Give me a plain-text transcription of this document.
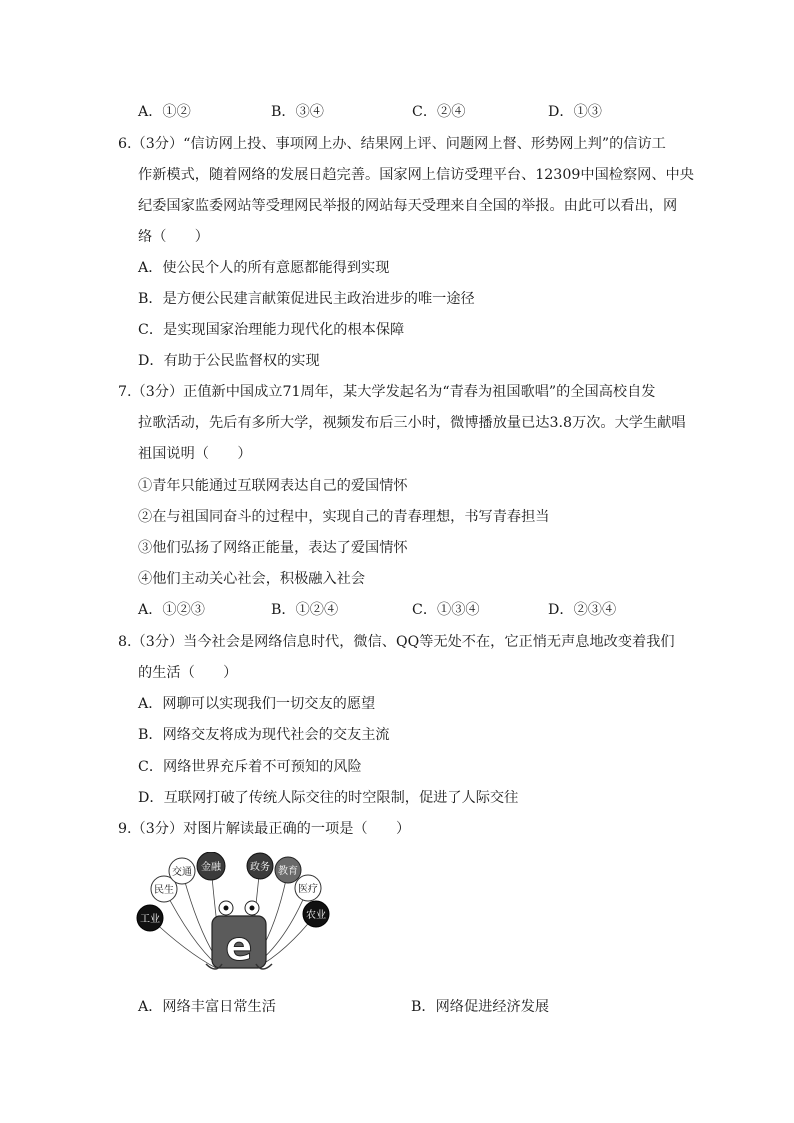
A．①②	B．③④	C．②④	D．①③
6.（3分）“信访网上投、事项网上办、结果网上评、问题网上督、形势网上判”的信访工
作新模式，随着网络的发展日趋完善。国家网上信访受理平台、12309中国检察网、中央
纪委国家监委网站等受理网民举报的网站每天受理来自全国的举报。由此可以看出，网
络（　　）
A．使公民个人的所有意愿都能得到实现
B．是方便公民建言献策促进民主政治进步的唯一途径
C．是实现国家治理能力现代化的根本保障
D．有助于公民监督权的实现
7.（3分）正值新中国成立71周年，某大学发起名为“青春为祖国歌唱”的全国高校自发
拉歌活动，先后有多所大学，视频发布后三小时，微博播放量已达3.8万次。大学生献唱
祖国说明（　　）
①青年只能通过互联网表达自己的爱国情怀
②在与祖国同奋斗的过程中，实现自己的青春理想，书写青春担当
③他们弘扬了网络正能量，表达了爱国情怀
④他们主动关心社会，积极融入社会
A．①②③	B．①②④	C．①③④	D．②③④
8.（3分）当今社会是网络信息时代，微信、QQ等无处不在，它正悄无声息地改变着我们
的生活（　　）
A．网聊可以实现我们一切交友的愿望
B．网络交友将成为现代社会的交友主流
C．网络世界充斥着不可预知的风险
D．互联网打破了传统人际交往的时空限制，促进了人际交往
9.（3分）对图片解读最正确的一项是（　　）
民生
交通 金融	政务 教育
医疗
工业	农业
e
A．网络丰富日常生活	B．网络促进经济发展
